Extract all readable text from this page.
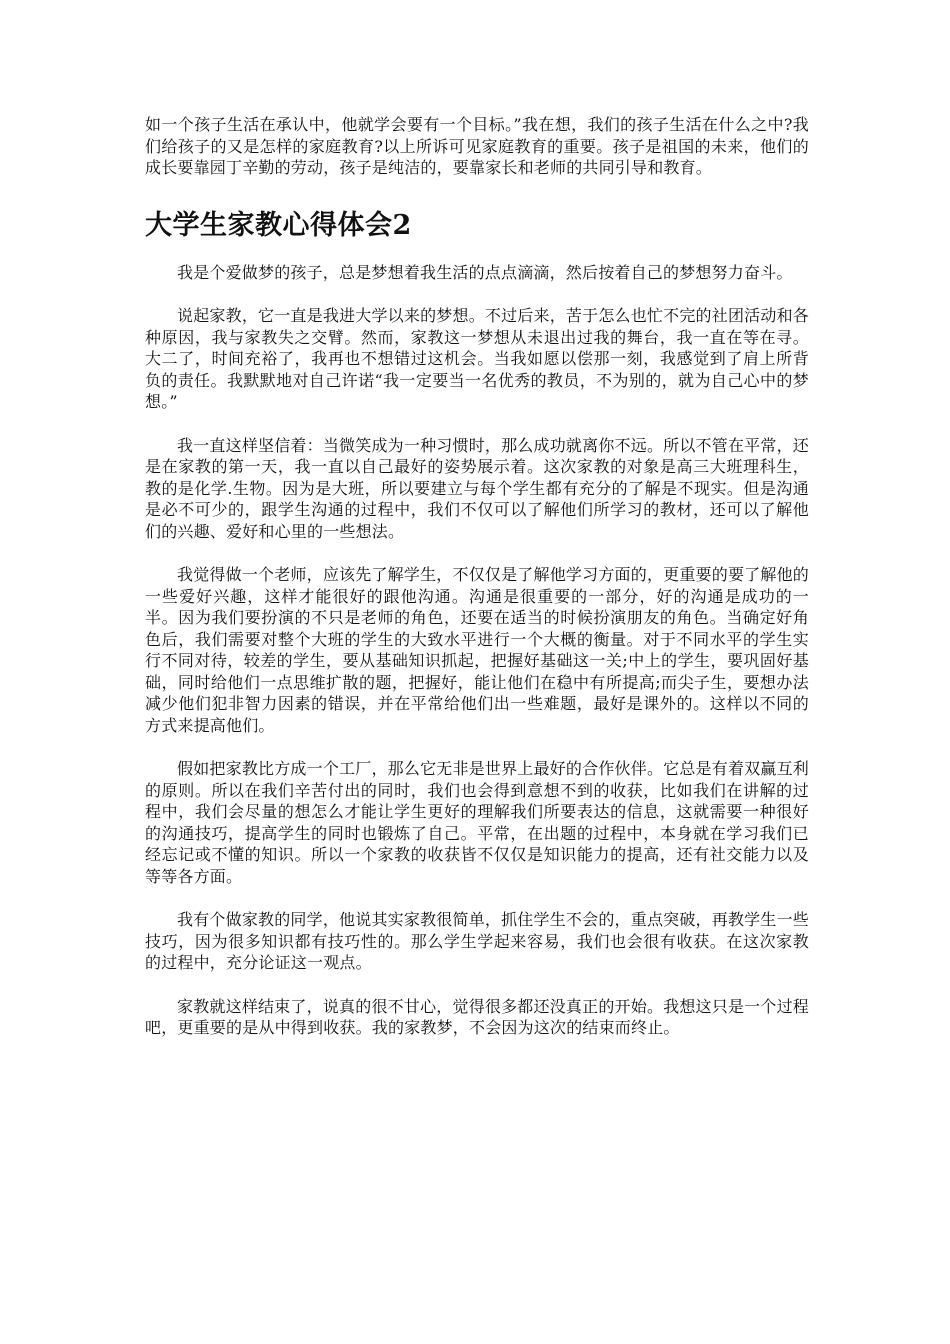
如一个孩子生活在承认中，他就学会要有一个目标。”我在想，我们的孩子生活在什么之中?我们给孩子的又是怎样的家庭教育?以上所诉可见家庭教育的重要。孩子是祖国的未来，他们的成长要靠园丁辛勤的劳动，孩子是纯洁的，要靠家长和老师的共同引导和教育。

大学生家教心得体会2

我是个爱做梦的孩子，总是梦想着我生活的点点滴滴，然后按着自己的梦想努力奋斗。

说起家教，它一直是我进大学以来的梦想。不过后来，苦于怎么也忙不完的社团活动和各种原因，我与家教失之交臂。然而，家教这一梦想从未退出过我的舞台，我一直在等在寻。大二了，时间充裕了，我再也不想错过这机会。当我如愿以偿那一刻，我感觉到了肩上所背负的责任。我默默地对自己许诺“我一定要当一名优秀的教员，不为别的，就为自己心中的梦想。”

我一直这样坚信着：当微笑成为一种习惯时，那么成功就离你不远。所以不管在平常，还是在家教的第一天，我一直以自己最好的姿势展示着。这次家教的对象是高三大班理科生，教的是化学.生物。因为是大班，所以要建立与每个学生都有充分的了解是不现实。但是沟通是必不可少的，跟学生沟通的过程中，我们不仅可以了解他们所学习的教材，还可以了解他们的兴趣、爱好和心里的一些想法。

我觉得做一个老师，应该先了解学生，不仅仅是了解他学习方面的，更重要的要了解他的一些爱好兴趣，这样才能很好的跟他沟通。沟通是很重要的一部分，好的沟通是成功的一半。因为我们要扮演的不只是老师的角色，还要在适当的时候扮演朋友的角色。当确定好角色后，我们需要对整个大班的学生的大致水平进行一个大概的衡量。对于不同水平的学生实行不同对待，较差的学生，要从基础知识抓起，把握好基础这一关;中上的学生，要巩固好基础，同时给他们一点思维扩散的题，把握好，能让他们在稳中有所提高;而尖子生，要想办法减少他们犯非智力因素的错误，并在平常给他们出一些难题，最好是课外的。这样以不同的方式来提高他们。

假如把家教比方成一个工厂，那么它无非是世界上最好的合作伙伴。它总是有着双赢互利的原则。所以在我们辛苦付出的同时，我们也会得到意想不到的收获，比如我们在讲解的过程中，我们会尽量的想怎么才能让学生更好的理解我们所要表达的信息，这就需要一种很好的沟通技巧，提高学生的同时也锻炼了自己。平常，在出题的过程中，本身就在学习我们已经忘记或不懂的知识。所以一个家教的收获皆不仅仅是知识能力的提高，还有社交能力以及等等各方面。

我有个做家教的同学，他说其实家教很简单，抓住学生不会的，重点突破，再教学生一些技巧，因为很多知识都有技巧性的。那么学生学起来容易，我们也会很有收获。在这次家教的过程中，充分论证这一观点。

家教就这样结束了，说真的很不甘心，觉得很多都还没真正的开始。我想这只是一个过程吧，更重要的是从中得到收获。我的家教梦，不会因为这次的结束而终止。
